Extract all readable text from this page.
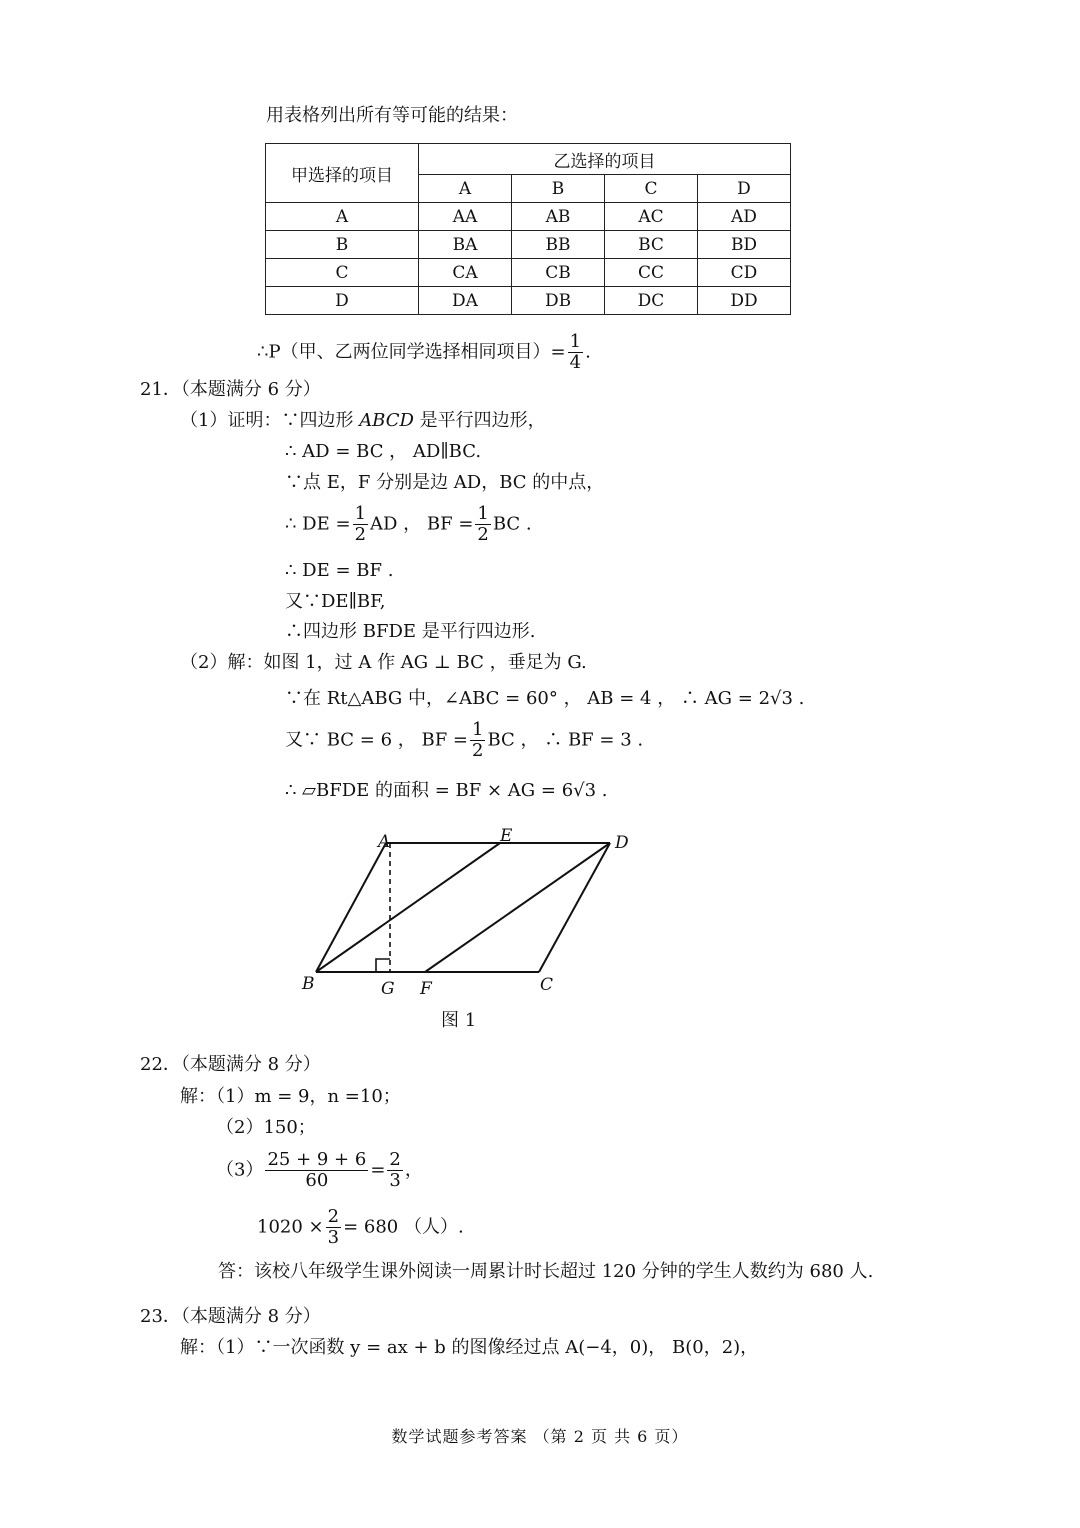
用表格列出所有等可能的结果：
甲选择的项目	乙选择的项目			
	A	B	C	D
A	AA	AB	AC	AD
B	BA	BB	BC	BD
C	CA	CB	CC	CD
D	DA	DB	DC	DD
∴P（甲、乙两位同学选择相同项目）= $\frac{1}{4}$ .
21．（本题满分 6 分）
（1）证明：∵四边形 ABCD 是平行四边形，
∴ AD = BC ， AD∥BC.
∵点 E，F 分别是边 AD，BC 的中点，
∴ DE = $\frac{1}{2}$ AD ， BF = $\frac{1}{2}$ BC .
∴ DE = BF .
又∵DE∥BF,
∴四边形 BFDE 是平行四边形.
（2）解：如图 1，过 A 作 AG ⊥ BC ，垂足为 G.
∵在 Rt△ABG 中，∠ABC = 60° ， AB = 4 ， ∴ AG = 2√3 .
又∵ BC = 6 ， BF = $\frac{1}{2}$ BC ， ∴ BF = 3 .
∴ ▱BFDE 的面积 = BF × AG = 6√3 .
A	E	D
B	G F	C
图 1
22．（本题满分 8 分）
解：（1）m = 9，n =10；
（2）150；
$(3) \frac{25 + 9 + 6}{60} = \frac{2}{3}$ ，
$1020 \times \frac{2}{3} = 680$ （人）.
答：该校八年级学生课外阅读一周累计时长超过 120 分钟的学生人数约为 680 人.
23．（本题满分 8 分）
解：（1）∵一次函数 y = ax + b 的图像经过点 A(−4，0)， B(0，2)，
数学试题参考答案 （第 2 页 共 6 页）
